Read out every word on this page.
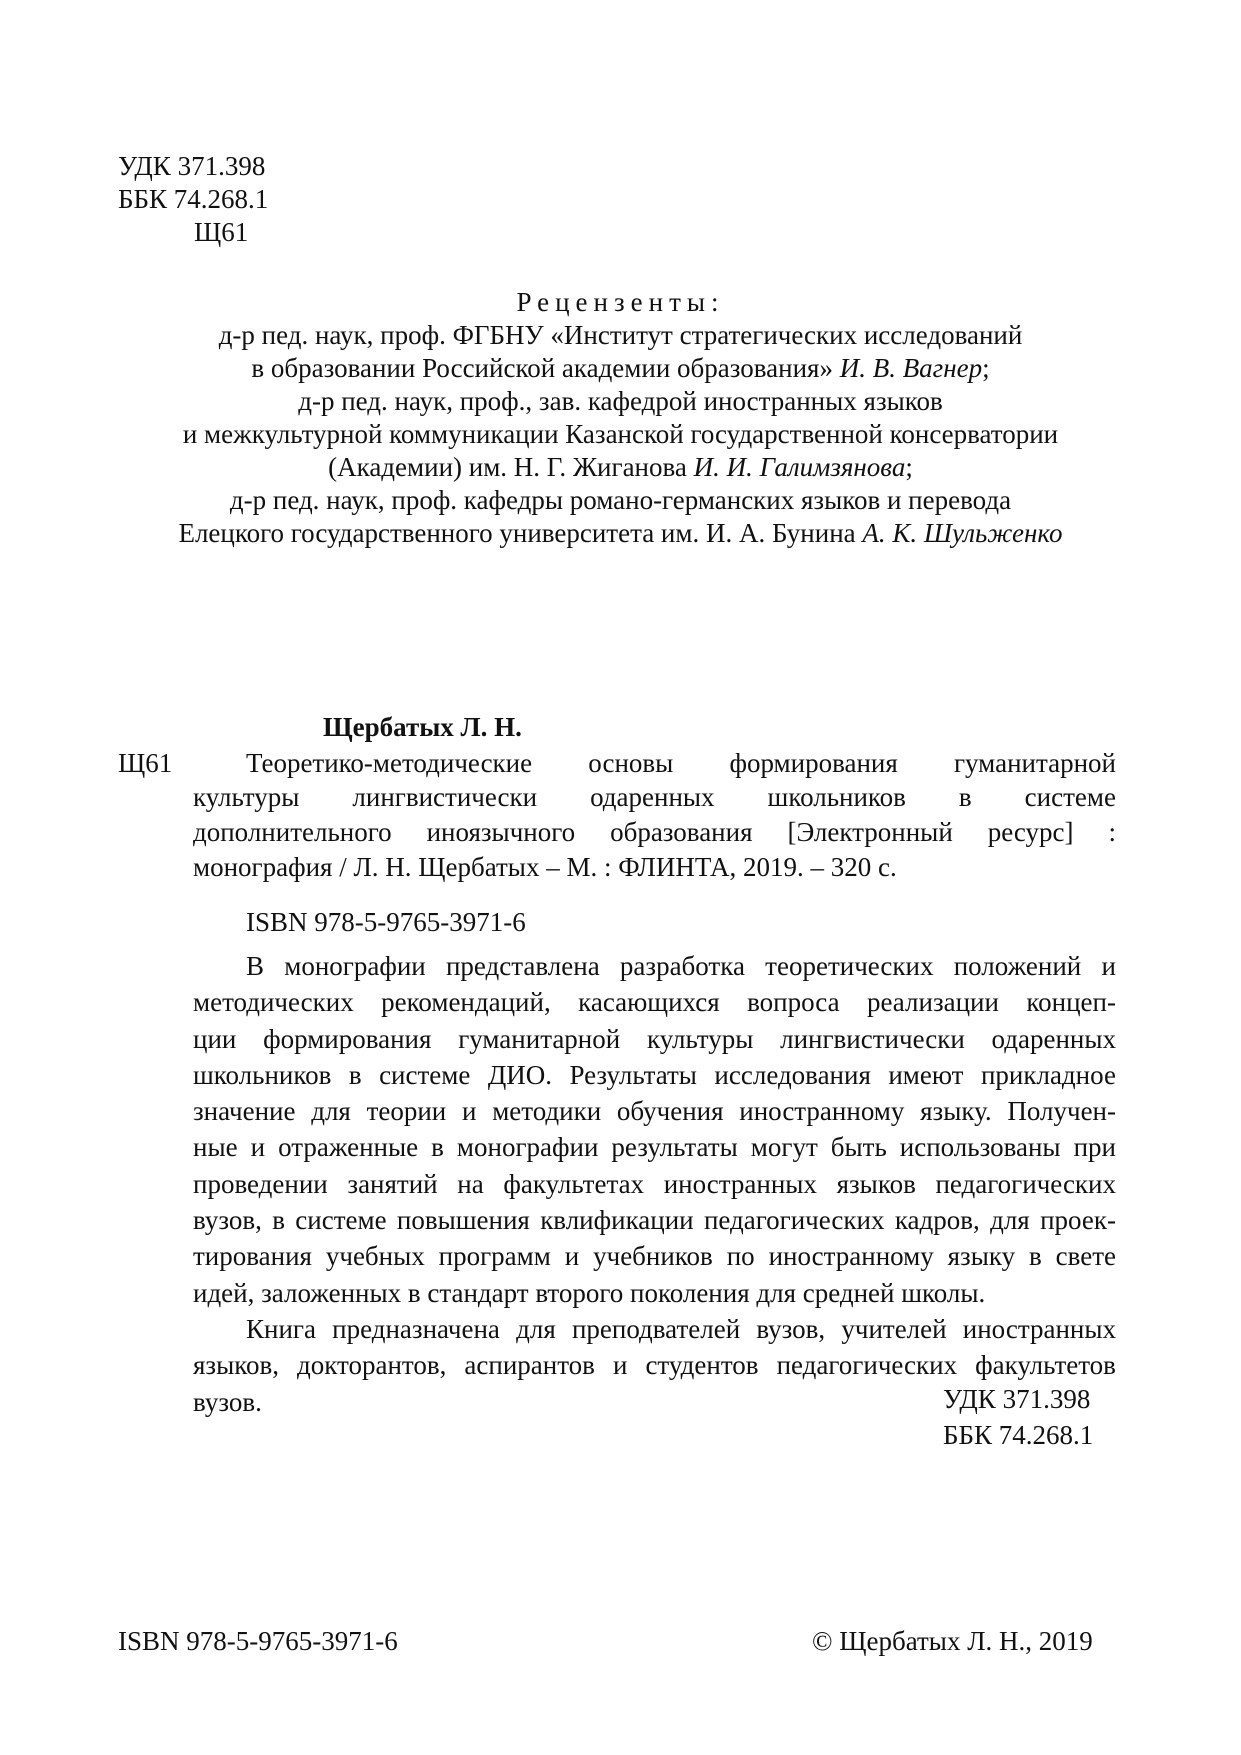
УДК 371.398
ББК 74.268.1
Щ61
Рецензенты:
д-р пед. наук, проф. ФГБНУ «Институт стратегических исследований
в образовании Российской академии образования» И. В. Вагнер;
д-р пед. наук, проф., зав. кафедрой иностранных языков
и межкультурной коммуникации Казанской государственной консерватории
(Академии) им. Н. Г. Жиганова И. И. Галимзянова;
д-р пед. наук, проф. кафедры романо-германских языков и перевода
Елецкого государственного университета им. И. А. Бунина А. К. Шульженко
Щербатых Л. Н.
Щ61	Теоретико-методические основы формирования гуманитарной
культуры лингвистически одаренных школьников в системе
дополнительного иноязычного образования [Электронный ресурс] :
монография / Л. Н. Щербатых – М. : ФЛИНТА, 2019. – 320 с.
ISBN 978-5-9765-3971-6
В монографии представлена разработка теоретических положений и
методических рекомендаций, касающихся вопроса реализации концеп-
ции формирования гуманитарной культуры лингвистически одаренных
школьников в системе ДИО. Результаты исследования имеют прикладное
значение для теории и методики обучения иностранному языку. Получен-
ные и отраженные в монографии результаты могут быть использованы при
проведении занятий на факультетах иностранных языков педагогических
вузов, в системе повышения квлификации педагогических кадров, для проек-
тирования учебных программ и учебников по иностранному языку в свете
идей, заложенных в стандарт второго поколения для средней школы.
Книга предназначена для преподвателей вузов, учителей иностранных
языков, докторантов, аспирантов и студентов педагогических факультетов
вузов.	УДК 371.398
ББК 74.268.1
ISBN 978-5-9765-3971-6	© Щербатых Л. Н., 2019
